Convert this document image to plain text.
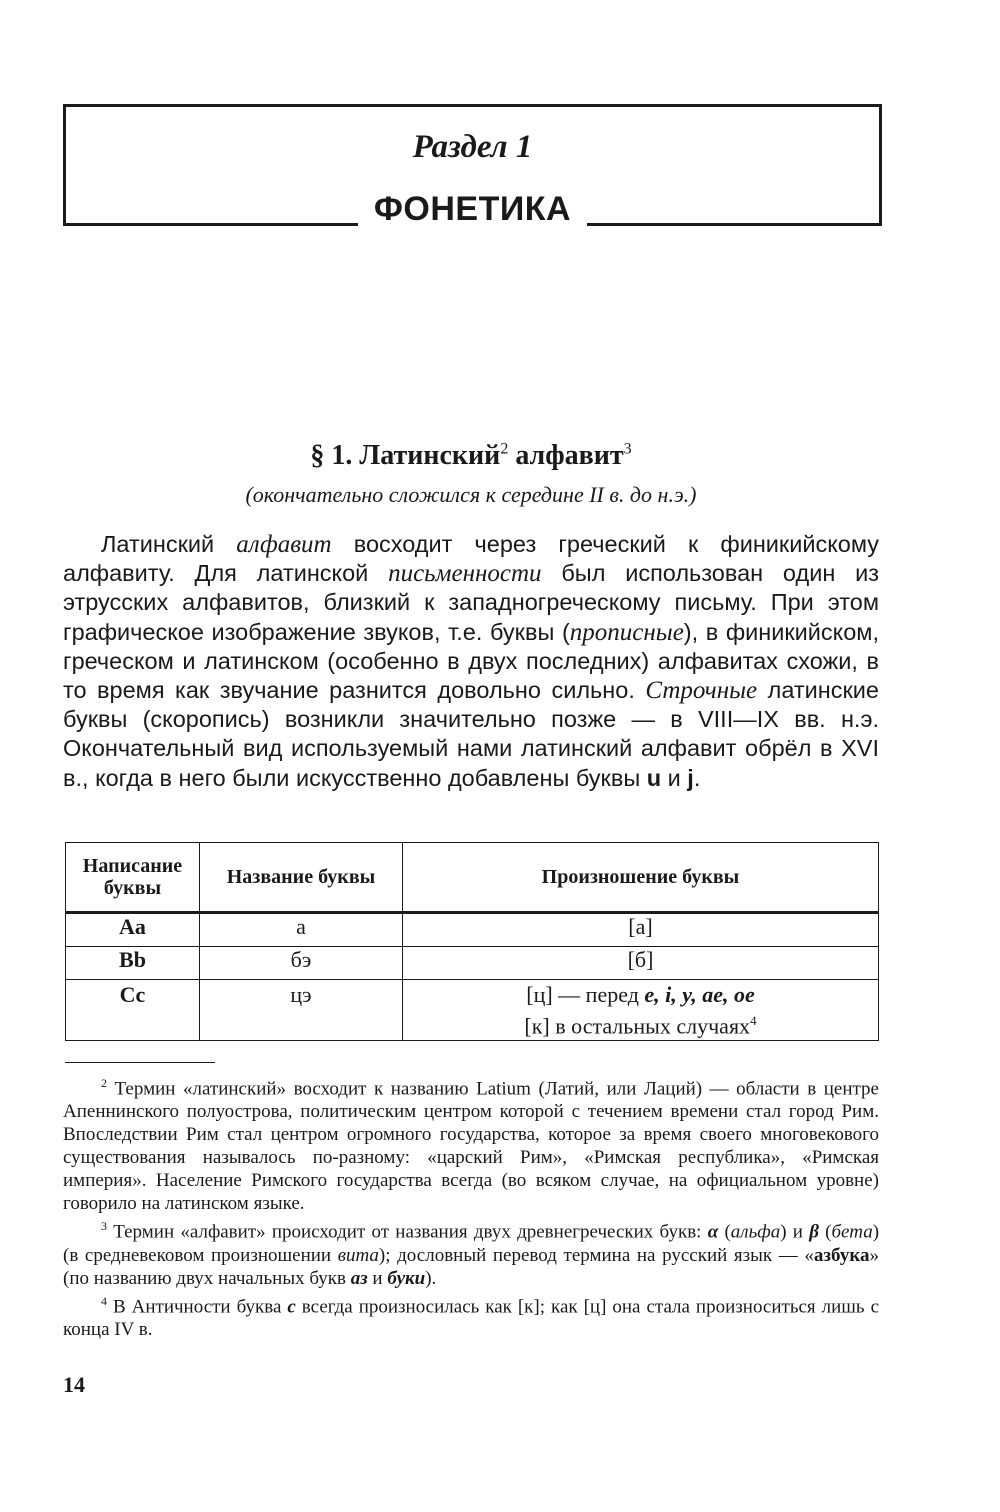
Раздел 1
ФОНЕТИКА
§ 1. Латинский$^2$ алфавит$^3$
(окончательно сложился к середине II в. до н.э.)

Латинский алфавит восходит через греческий к финикийскому алфавиту. Для латинской письменности был использован один из этрусских алфавитов, близкий к западногреческому письму. При этом графическое изображение звуков, т.е. буквы (прописные), в финикийском, греческом и латинском (особенно в двух последних) алфавитах схожи, в то время как звучание разнится довольно сильно. Строчные латинские буквы (скоропись) возникли значительно позже — в VIII—IX вв. н.э. Окончательный вид используемый нами латинский алфавит обрёл в XVI в., когда в него были искусственно добавлены буквы u и j.

Написание буквы	Название буквы	Произношение буквы
Aa	а	[а]
Bb	бэ	[б]
Cc	цэ	[ц] — перед e, i, y, ae, oe
[к] в остальных случаях$^4$

$^2$ Термин «латинский» восходит к названию Latium (Латий, или Лаций) — области в центре Апеннинского полуострова, политическим центром которой с течением времени стал город Рим. Впоследствии Рим стал центром огромного государства, которое за время своего многовекового существования называлось по-разному: «царский Рим», «Римская республика», «Римская империя». Население Римского государства всегда (во всяком случае, на официальном уровне) говорило на латинском языке.

$^3$ Термин «алфавит» происходит от названия двух древнегреческих букв: α (альфа) и β (бета) (в средневековом произношении вита); дословный перевод термина на русский язык — «азбука» (по названию двух начальных букв аз и буки).

$^4$ В Античности буква c всегда произносилась как [к]; как [ц] она стала произноситься лишь с конца IV в.

14
